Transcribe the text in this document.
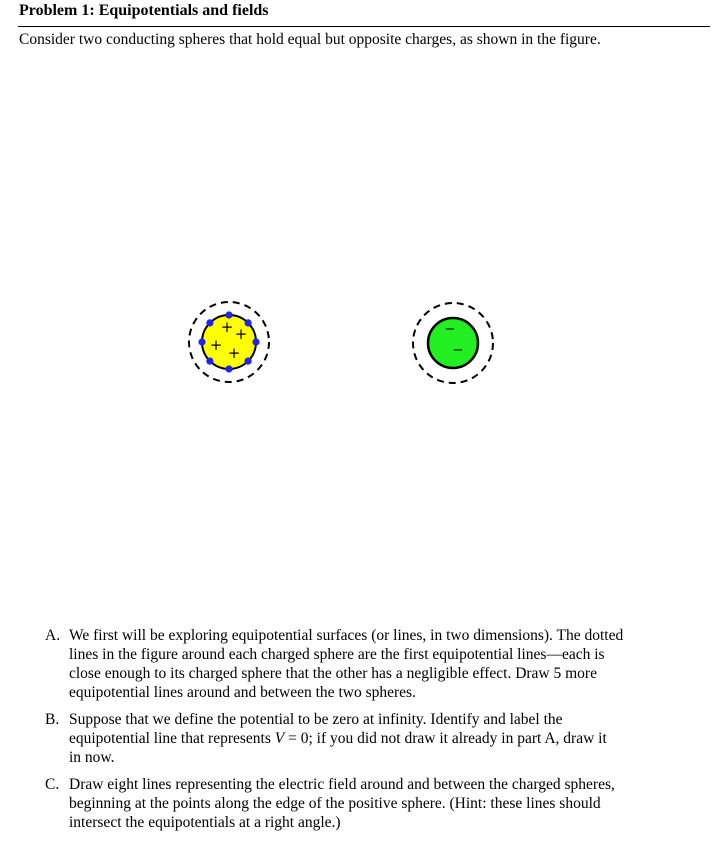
Problem 1: Equipotentials and fields
Consider two conducting spheres that hold equal but opposite charges, as shown in the figure.
+ +
+ +
−
−
A. We first will be exploring equipotential surfaces (or lines, in two dimensions). The dotted
lines in the figure around each charged sphere are the first equipotential lines—each is
close enough to its charged sphere that the other has a negligible effect. Draw 5 more
equipotential lines around and between the two spheres.
B. Suppose that we define the potential to be zero at infinity. Identify and label the
equipotential line that represents V = 0; if you did not draw it already in part A, draw it
in now.
C. Draw eight lines representing the electric field around and between the charged spheres,
beginning at the points along the edge of the positive sphere. (Hint: these lines should
intersect the equipotentials at a right angle.)
